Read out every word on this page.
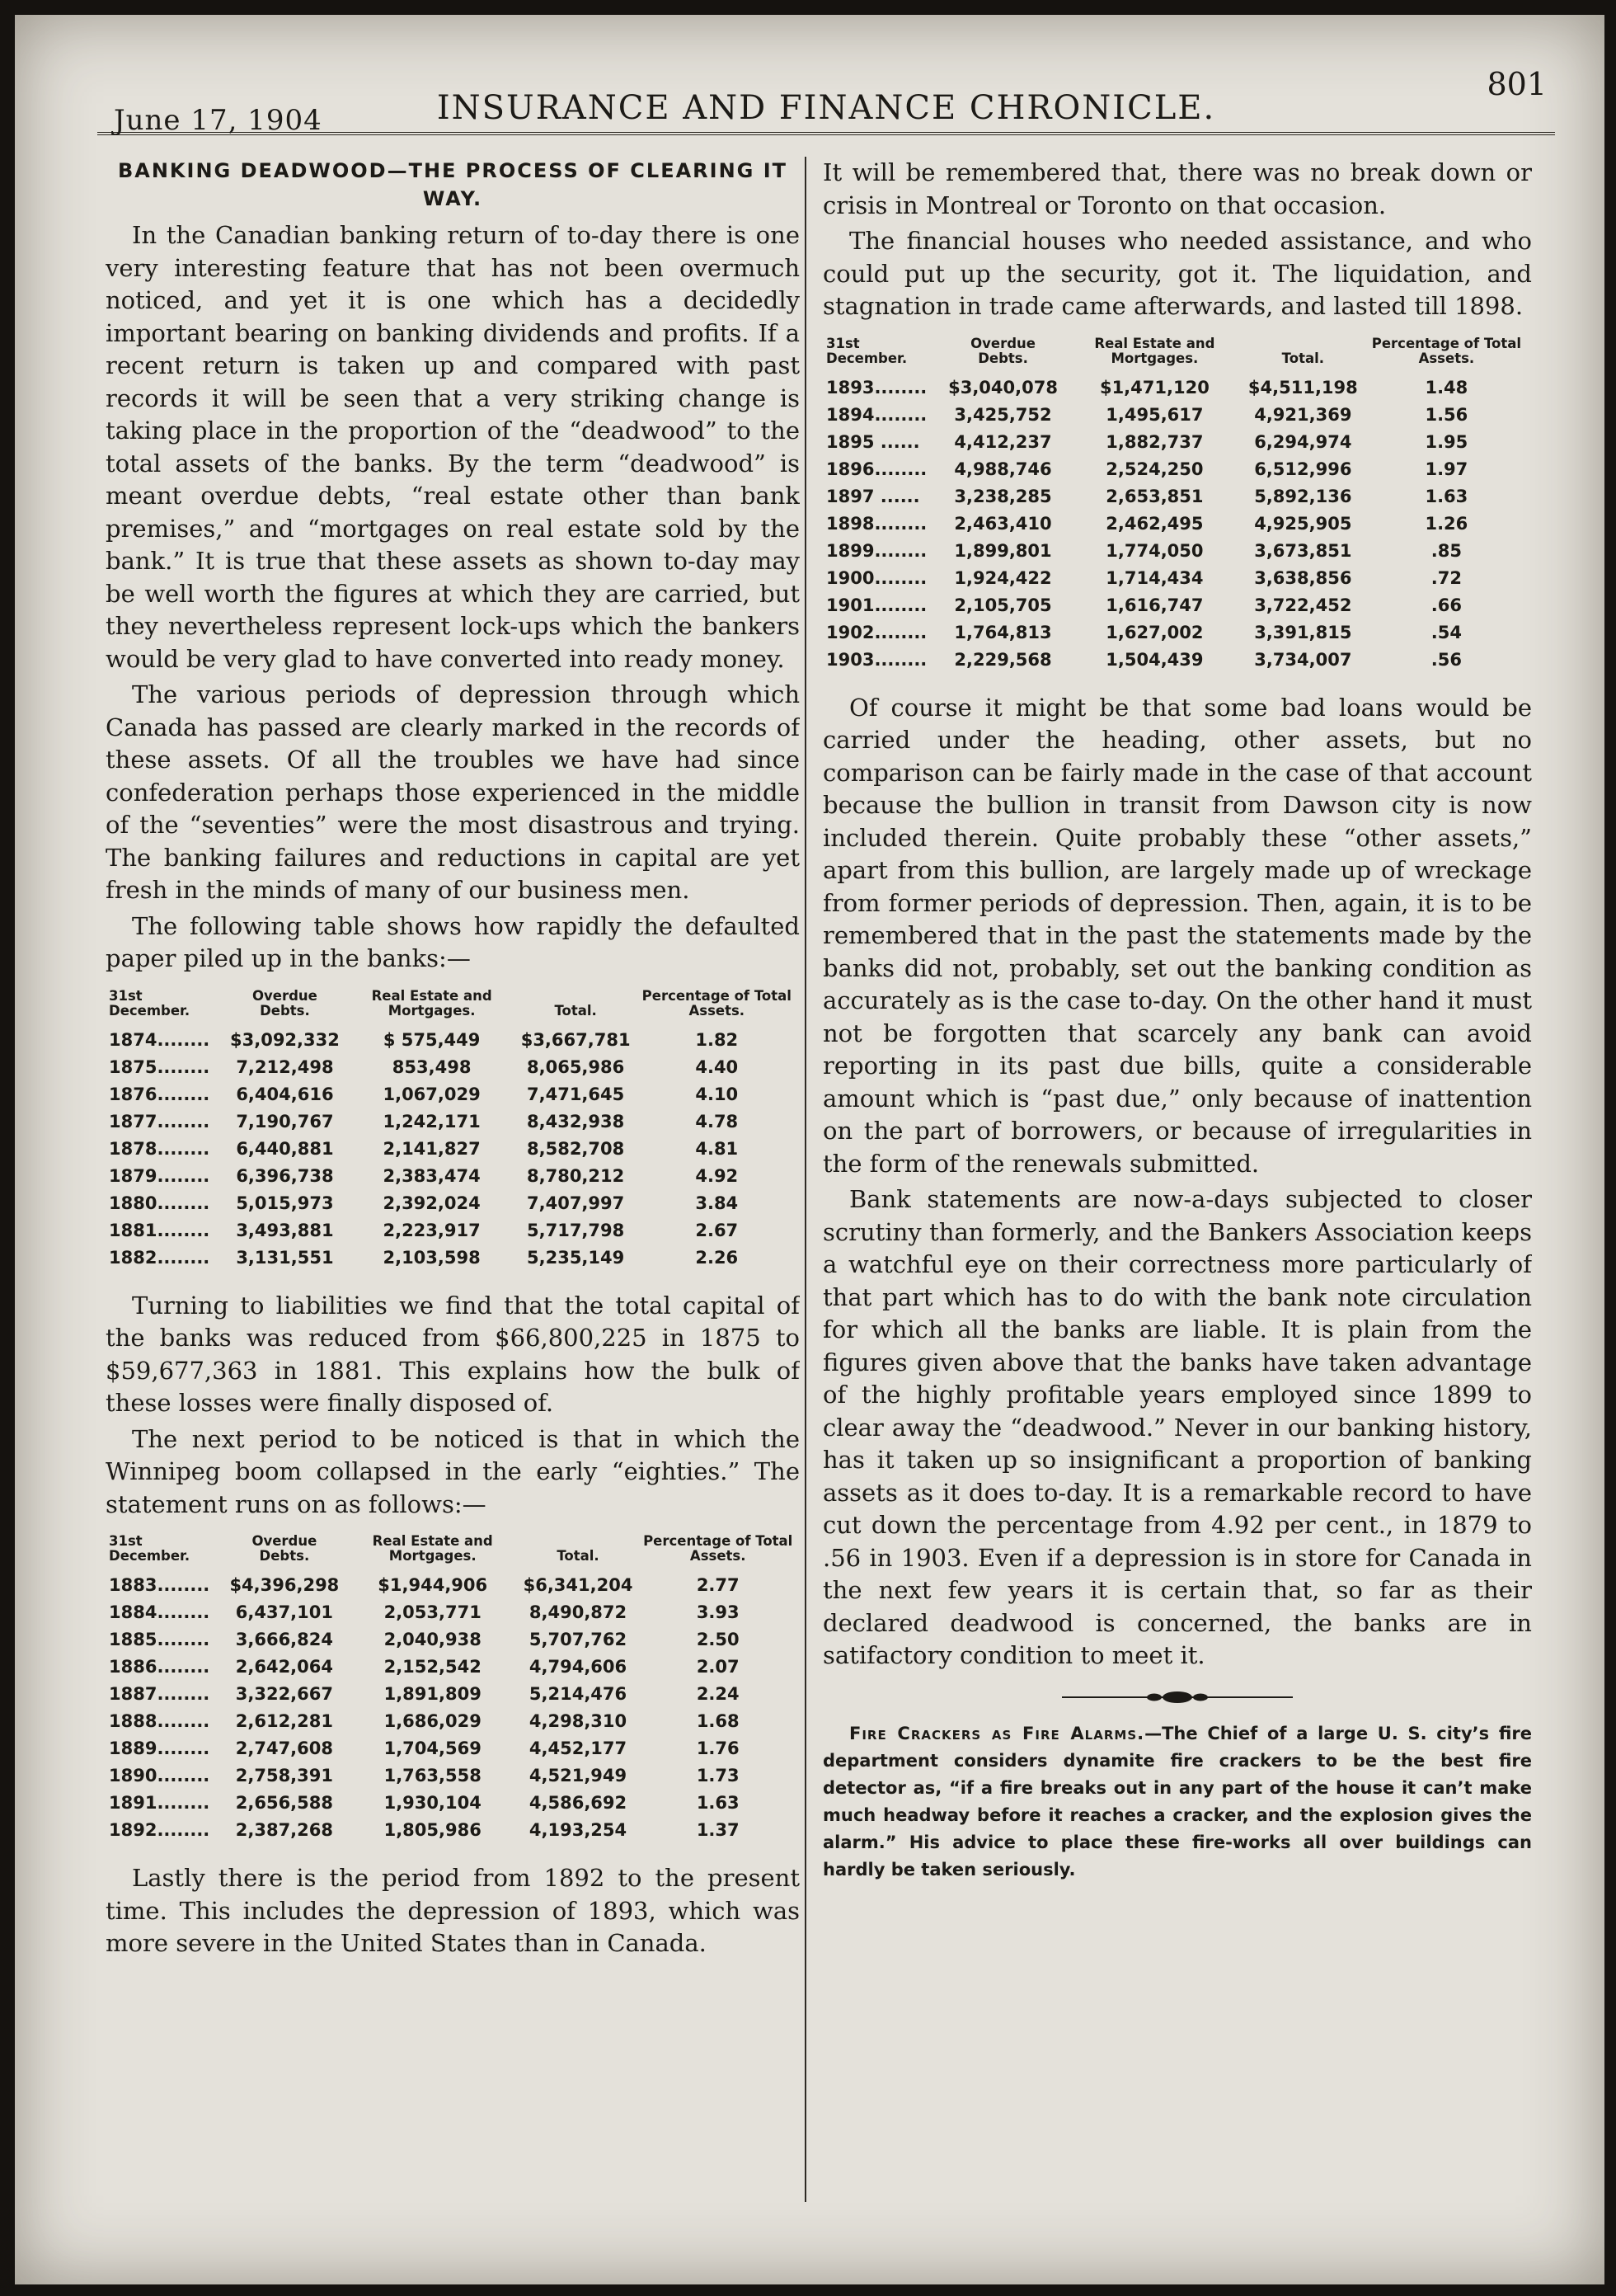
June 17, 1904	INSURANCE AND FINANCE CHRONICLE.
801
BANKING DEADWOOD—THE PROCESS OF CLEARING IT WAY.

In the Canadian banking return of to-day there is one very interesting feature that has not been overmuch noticed, and yet it is one which has a decidedly important bearing on banking dividends and profits. If a recent return is taken up and compared with past records it will be seen that a very striking change is taking place in the proportion of the “deadwood” to the total assets of the banks. By the term “deadwood” is meant overdue debts, “real estate other than bank premises,” and “mortgages on real estate sold by the bank.” It is true that these assets as shown to-day may be well worth the figures at which they are carried, but they nevertheless represent lock-ups which the bankers would be very glad to have converted into ready money.

The various periods of depression through which Canada has passed are clearly marked in the records of these assets. Of all the troubles we have had since confederation perhaps those experienced in the middle of the “seventies” were the most disastrous and trying. The banking failures and reductions in capital are yet fresh in the minds of many of our business men.

The following table shows how rapidly the defaulted paper piled up in the banks:—

31st December.	Overdue Debts.	Real Estate and Mortgages.	Total.	Percentage of Total Assets.
1874........	$3,092,332	$ 575,449	$3,667,781	1.82
1875........	7,212,498	853,498	8,065,986	4.40
1876........	6,404,616	1,067,029	7,471,645	4.10
1877........	7,190,767	1,242,171	8,432,938	4.78
1878........	6,440,881	2,141,827	8,582,708	4.81
1879........	6,396,738	2,383,474	8,780,212	4.92
1880........	5,015,973	2,392,024	7,407,997	3.84
1881........	3,493,881	2,223,917	5,717,798	2.67
1882........	3,131,551	2,103,598	5,235,149	2.26

Turning to liabilities we find that the total capital of the banks was reduced from $66,800,225 in 1875 to $59,677,363 in 1881. This explains how the bulk of these losses were finally disposed of.

The next period to be noticed is that in which the Winnipeg boom collapsed in the early “eighties.” The statement runs on as follows:—

31st December.	Overdue Debts.	Real Estate and Mortgages.	Total.	Percentage of Total Assets.
1883........	$4,396,298	$1,944,906	$6,341,204	2.77
1884........	6,437,101	2,053,771	8,490,872	3.93
1885........	3,666,824	2,040,938	5,707,762	2.50
1886........	2,642,064	2,152,542	4,794,606	2.07
1887........	3,322,667	1,891,809	5,214,476	2.24
1888........	2,612,281	1,686,029	4,298,310	1.68
1889........	2,747,608	1,704,569	4,452,177	1.76
1890........	2,758,391	1,763,558	4,521,949	1.73
1891........	2,656,588	1,930,104	4,586,692	1.63
1892........	2,387,268	1,805,986	4,193,254	1.37

Lastly there is the period from 1892 to the present time. This includes the depression of 1893, which was more severe in the United States than in Canada.

It will be remembered that, there was no break down or crisis in Montreal or Toronto on that occasion.

The financial houses who needed assistance, and who could put up the security, got it. The liquidation, and stagnation in trade came afterwards, and lasted till 1898.

31st December.	Overdue Debts.	Real Estate and Mortgages.	Total.	Percentage of Total Assets.
1893........	$3,040,078	$1,471,120	$4,511,198	1.48
1894........	3,425,752	1,495,617	4,921,369	1.56
1895 ......	4,412,237	1,882,737	6,294,974	1.95
1896........	4,988,746	2,524,250	6,512,996	1.97
1897 ......	3,238,285	2,653,851	5,892,136	1.63
1898........	2,463,410	2,462,495	4,925,905	1.26
1899........	1,899,801	1,774,050	3,673,851	.85
1900........	1,924,422	1,714,434	3,638,856	.72
1901........	2,105,705	1,616,747	3,722,452	.66
1902........	1,764,813	1,627,002	3,391,815	.54
1903........	2,229,568	1,504,439	3,734,007	.56

Of course it might be that some bad loans would be carried under the heading, other assets, but no comparison can be fairly made in the case of that account because the bullion in transit from Dawson city is now included therein. Quite probably these “other assets,” apart from this bullion, are largely made up of wreckage from former periods of depression. Then, again, it is to be remembered that in the past the statements made by the banks did not, probably, set out the banking condition as accurately as is the case to-day. On the other hand it must not be forgotten that scarcely any bank can avoid reporting in its past due bills, quite a considerable amount which is “past due,” only because of inattention on the part of borrowers, or because of irregularities in the form of the renewals submitted.

Bank statements are now-a-days subjected to closer scrutiny than formerly, and the Bankers Association keeps a watchful eye on their correctness more particularly of that part which has to do with the bank note circulation for which all the banks are liable. It is plain from the figures given above that the banks have taken advantage of the highly profitable years employed since 1899 to clear away the “deadwood.” Never in our banking history, has it taken up so insignificant a proportion of banking assets as it does to-day. It is a remarkable record to have cut down the percentage from 4.92 per cent., in 1879 to .56 in 1903. Even if a depression is in store for Canada in the next few years it is certain that, so far as their declared deadwood is concerned, the banks are in satifactory condition to meet it.

Fire Crackers as Fire Alarms.—The Chief of a large U. S. city’s fire department considers dynamite fire crackers to be the best fire detector as, “if a fire breaks out in any part of the house it can’t make much headway before it reaches a cracker, and the explosion gives the alarm.” His advice to place these fire-works all over buildings can hardly be taken seriously.
